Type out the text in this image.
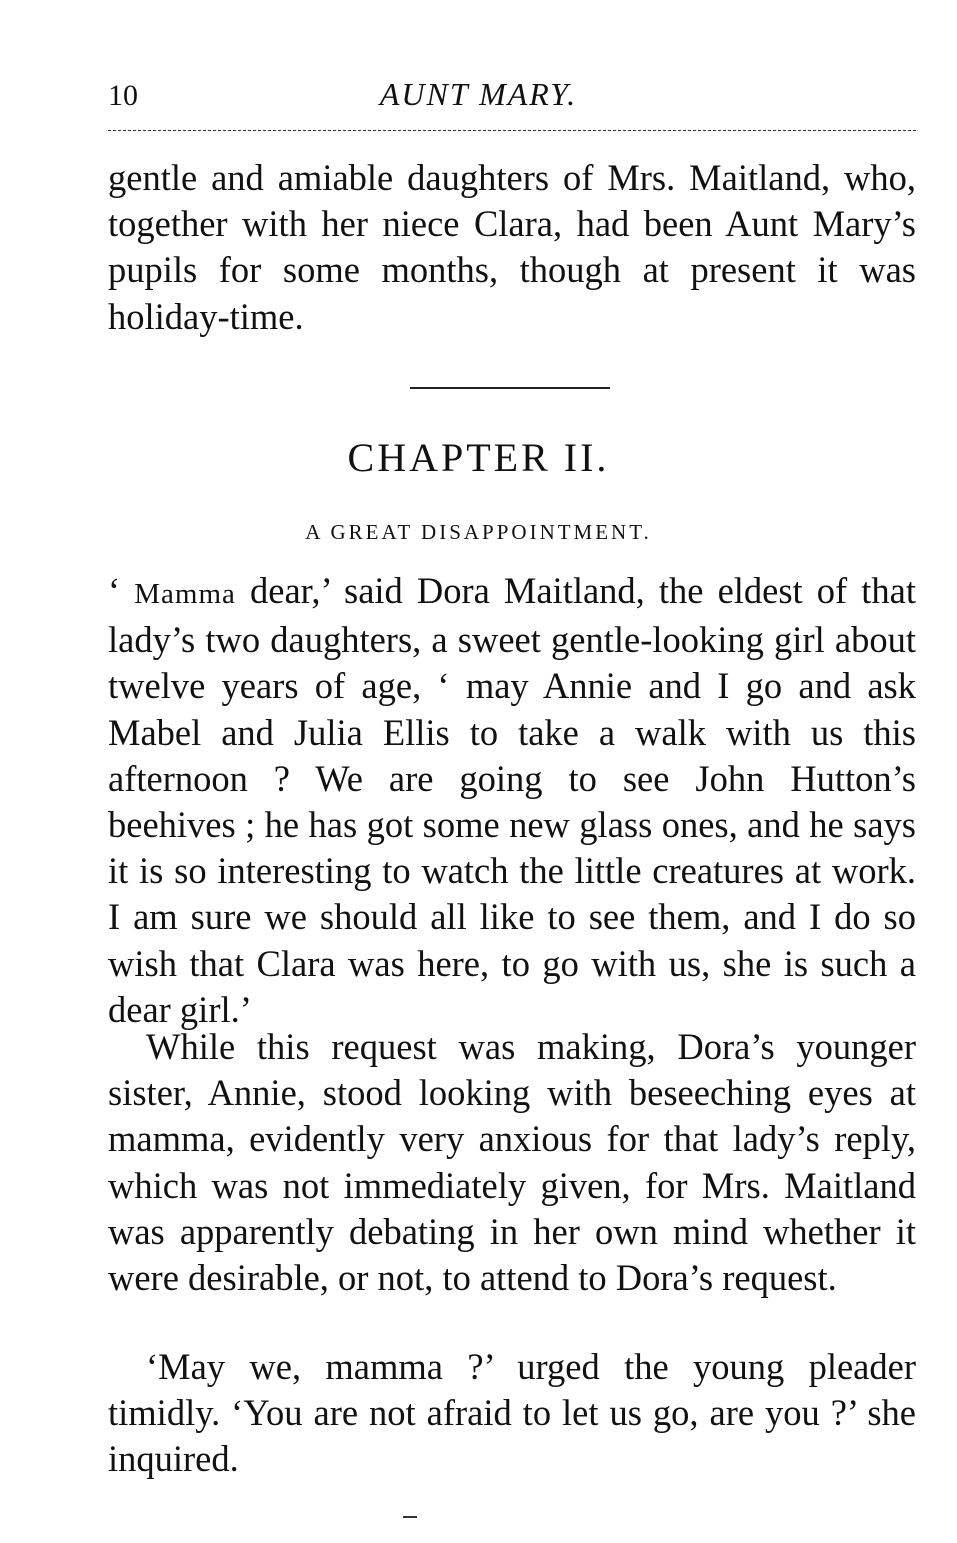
10	AUNT MARY.

gentle and amiable daughters of Mrs. Maitland, who, together with her niece Clara, had been Aunt Mary’s pupils for some months, though at present it was holiday-time.

CHAPTER II.
A GREAT DISAPPOINTMENT.

‘ Mamma dear,’ said Dora Maitland, the eldest of that lady’s two daughters, a sweet gentle-looking girl about twelve years of age, ‘ may Annie and I go and ask Mabel and Julia Ellis to take a walk with us this afternoon ? We are going to see John Hutton’s beehives ; he has got some new glass ones, and he says it is so interesting to watch the little creatures at work. I am sure we should all like to see them, and I do so wish that Clara was here, to go with us, she is such a dear girl.’

While this request was making, Dora’s younger sister, Annie, stood looking with beseeching eyes at mamma, evidently very anxious for that lady’s reply, which was not immediately given, for Mrs. Maitland was apparently debating in her own mind whether it were desirable, or not, to attend to Dora’s request.

‘May we, mamma ?’ urged the young pleader timidly. ‘You are not afraid to let us go, are you ?’ she inquired.
